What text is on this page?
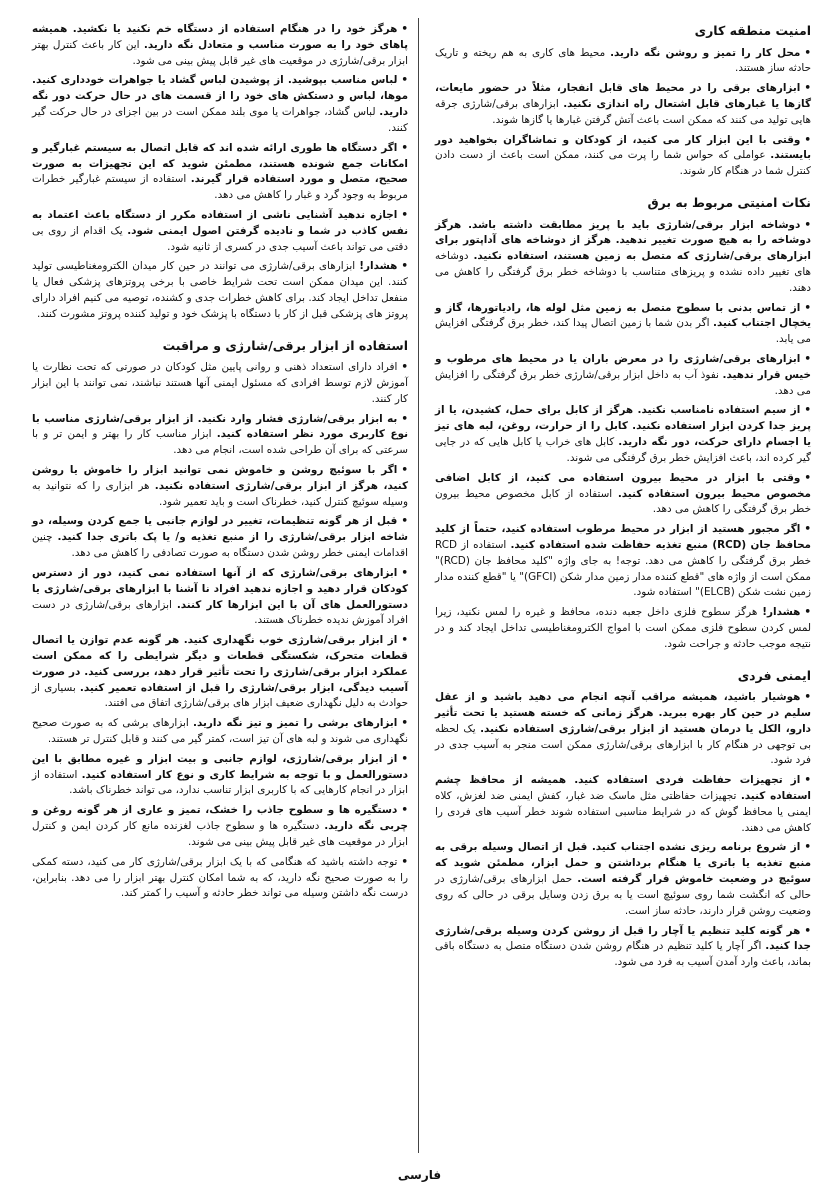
امنیت منطقه کاری

•محل کار را تمیز و روشن نگه دارید. محیط های کاری به هم ریخته و تاریک حادثه ساز هستند.

•ابزارهای برقی را در محیط های قابل انفجار، مثلاً در حضور مایعات، گازها یا غبارهای قابل اشتعال راه اندازی نکنید. ابزارهای برقی/شارژی جرقه هایی تولید می کنند که ممکن است باعث آتش گرفتن غبارها یا گازها شوند.

•وقتی با این ابزار کار می کنید، از کودکان و تماشاگران بخواهید دور بایستند. عواملی که حواس شما را پرت می کنند، ممکن است باعث از دست دادن کنترل شما در هنگام کار شوند.

نکات امنیتی مربوط به برق

•دوشاخه ابزار برقی/شارژی باید با پریز مطابقت داشته باشد. هرگز دوشاخه را به هیچ صورت تغییر ندهید. هرگز از دوشاخه های آداپتور برای ابزارهای برقی/شارژی که متصل به زمین هستند، استفاده نکنید. دوشاخه های تغییر داده نشده و پریزهای متناسب با دوشاخه خطر برق گرفتگی را کاهش می دهند.

•از تماس بدنی با سطوح متصل به زمین مثل لوله ها، رادیاتورها، گاز و یخچال اجتناب کنید. اگر بدن شما با زمین اتصال پیدا کند، خطر برق گرفتگی افزایش می یابد.

•ابزارهای برقی/شارژی را در معرض باران یا در محیط های مرطوب و خیس قرار ندهید. نفوذ آب به داخل ابزار برقی/شارژی خطر برق گرفتگی را افزایش می دهد.

•از سیم استفاده نامناسب نکنید. هرگز از کابل برای حمل، کشیدن، یا از پریز جدا کردن ابزار استفاده نکنید. کابل را از حرارت، روغن، لبه های تیز یا اجسام دارای حرکت، دور نگه دارید. کابل های خراب یا کابل هایی که در جایی گیر کرده اند، باعث افزایش خطر برق گرفتگی می شوند.

•وقتی با ابزار در محیط بیرون استفاده می کنید، از کابل اضافی مخصوص محیط بیرون استفاده کنید. استفاده از کابل مخصوص محیط بیرون خطر برق گرفتگی را کاهش می دهد.

•اگر مجبور هستید از ابزار در محیط مرطوب استفاده کنید، حتماً از کلید محافظ جان (RCD) منبع تغذیه حفاظت شده استفاده کنید. استفاده از RCD خطر برق گرفتگی را کاهش می دهد. توجه! به جای واژه "کلید محافظ جان (RCD)" ممکن است از واژه های "قطع کننده مدار زمین مدار شکن (GFCI)" یا "قطع کننده مدار زمین نشت شکن (ELCB)" استفاده شود.

•هشدار! هرگز سطوح فلزی داخل جعبه دنده، محافظ و غیره را لمس نکنید، زیرا لمس کردن سطوح فلزی ممکن است با امواج الکترومغناطیسی تداخل ایجاد کند و در نتیجه موجب حادثه و جراحت شود.

ایمنی فردی

•هوشیار باشید، همیشه مراقب آنچه انجام می دهید باشید و از عقل سلیم در حین کار بهره ببرید. هرگز زمانی که خسته هستید یا تحت تأثیر دارو، الکل یا درمان هستید از ابزار برقی/شارژی استفاده نکنید. یک لحظه بی توجهی در هنگام کار با ابزارهای برقی/شارژی ممکن است منجر به آسیب جدی در فرد شود.

•از تجهیزات حفاظت فردی استفاده کنید. همیشه از محافظ چشم استفاده کنید. تجهیزات حفاظتی مثل ماسک ضد غبار، کفش ایمنی ضد لغزش، کلاه ایمنی یا محافظ گوش که در شرایط مناسبی استفاده شوند خطر آسیب های فردی را کاهش می دهند.

•از شروع برنامه ریزی نشده اجتناب کنید. قبل از اتصال وسیله برقی به منبع تغذیه یا باتری یا هنگام برداشتن و حمل ابزار، مطمئن شوید که سوئیچ در وضعیت خاموش قرار گرفته است. حمل ابزارهای برقی/شارژی در حالی که انگشت شما روی سوئیچ است یا به برق زدن وسایل برقی در حالی که روی وضعیت روشن قرار دارند، حادثه ساز است.

•هر گونه کلید تنظیم یا آچار را قبل از روشن کردن وسیله برقی/شارژی جدا کنید. اگر آچار یا کلید تنظیم در هنگام روشن شدن دستگاه متصل به دستگاه باقی بماند، باعث وارد آمدن آسیب به فرد می شود.

•هرگز خود را در هنگام استفاده از دستگاه خم نکنید یا نکشید. همیشه پاهای خود را به صورت مناسب و متعادل نگه دارید. این کار باعث کنترل بهتر ابزار برقی/شارژی در موقعیت های غیر قابل پیش بینی می شود.

•لباس مناسب بپوشید. از پوشیدن لباس گشاد یا جواهرات خودداری کنید. موها، لباس و دستکش های خود را از قسمت های در حال حرکت دور نگه دارید. لباس گشاد، جواهرات یا موی بلند ممکن است در بین اجزای در حال حرکت گیر کنند.

•اگر دستگاه ها طوری ارائه شده اند که قابل اتصال به سیستم غبارگیر و امکانات جمع شونده هستند، مطمئن شوید که این تجهیزات به صورت صحیح، متصل و مورد استفاده قرار گیرند. استفاده از سیستم غبارگیر خطرات مربوط به وجود گرد و غبار را کاهش می دهد.

•اجازه ندهید آشنایی ناشی از استفاده مکرر از دستگاه باعث اعتماد به نفس کاذب در شما و نادیده گرفتن اصول ایمنی شود. یک اقدام از روی بی دقتی می تواند باعث آسیب جدی در کسری از ثانیه شود.

•هشدار! ابزارهای برقی/شارژی می توانند در حین کار میدان الکترومغناطیسی تولید کنند. این میدان ممکن است تحت شرایط خاصی با برخی پروتزهای پزشکی فعال یا منفعل تداخل ایجاد کند. برای کاهش خطرات جدی و کشنده، توصیه می کنیم افراد دارای پروتز های پزشکی قبل از کار با دستگاه با پزشک خود و تولید کننده پروتز مشورت کنند.

استفاده از ابزار برقی/شارژی و مراقبت

•افراد دارای استعداد ذهنی و روانی پایین مثل کودکان در صورتی که تحت نظارت یا آموزش لازم توسط افرادی که مسئول ایمنی آنها هستند نباشند، نمی توانند با این ابزار کار کنند.

•به ابزار برقی/شارژی فشار وارد نکنید. از ابزار برقی/شارژی مناسب با نوع کاربری مورد نظر استفاده کنید. ابزار مناسب کار را بهتر و ایمن تر و با سرعتی که برای آن طراحی شده است، انجام می دهد.

•اگر با سوئیچ روشن و خاموش نمی توانید ابزار را خاموش یا روشن کنید، هرگز از ابزار برقی/شارژی استفاده نکنید. هر ابزاری را که نتوانید به وسیله سوئیچ کنترل کنید، خطرناک است و باید تعمیر شود.

•قبل از هر گونه تنظیمات، تغییر در لوازم جانبی یا جمع کردن وسیله، دو شاخه ابزار برقی/شارژی را از منبع تغذیه و/ یا پک باتری جدا کنید. چنین اقدامات ایمنی خطر روشن شدن دستگاه به صورت تصادفی را کاهش می دهد.

•ابزارهای برقی/شارژی که از آنها استفاده نمی کنید، دور از دسترس کودکان قرار دهید و اجازه ندهید افراد نا آشنا با ابزارهای برقی/شارژی یا دستورالعمل های آن با این ابزارها کار کنند. ابزارهای برقی/شارژی در دست افراد آموزش ندیده خطرناک هستند.

•از ابزار برقی/شارژی خوب نگهداری کنید. هر گونه عدم توازن یا اتصال قطعات متحرک، شکستگی قطعات و دیگر شرایطی را که ممکن است عملکرد ابزار برقی/شارژی را تحت تأثیر قرار دهد، بررسی کنید. در صورت آسیب دیدگی، ابزار برقی/شارژی را قبل از استفاده تعمیر کنید. بسیاری از حوادث به دلیل نگهداری ضعیف ابزار های برقی/شارژی اتفاق می افتند.

•ابزارهای برشی را تمیز و تیز نگه دارید. ابزارهای برشی که به صورت صحیح نگهداری می شوند و لبه های آن تیز است، کمتر گیر می کنند و قابل کنترل تر هستند.

•از ابزار برقی/شارژی، لوازم جانبی و بیت ابزار و غیره مطابق با این دستورالعمل و با توجه به شرایط کاری و نوع کار استفاده کنید. استفاده از ابزار در انجام کارهایی که با کاربری ابزار تناسب ندارد، می تواند خطرناک باشد.

•دستگیره ها و سطوح جاذب را خشک، تمیز و عاری از هر گونه روغن و چربی نگه دارید. دستگیره ها و سطوح جاذب لغزنده مانع کار کردن ایمن و کنترل ابزار در موقعیت های غیر قابل پیش بینی می شوند.

•توجه داشته باشید که هنگامی که با یک ابزار برقی/شارژی کار می کنید، دسته کمکی را به صورت صحیح نگه دارید، که به شما امکان کنترل بهتر ابزار را می دهد. بنابراین، درست نگه داشتن وسیله می تواند خطر حادثه و آسیب را کمتر کند.

فارسی
